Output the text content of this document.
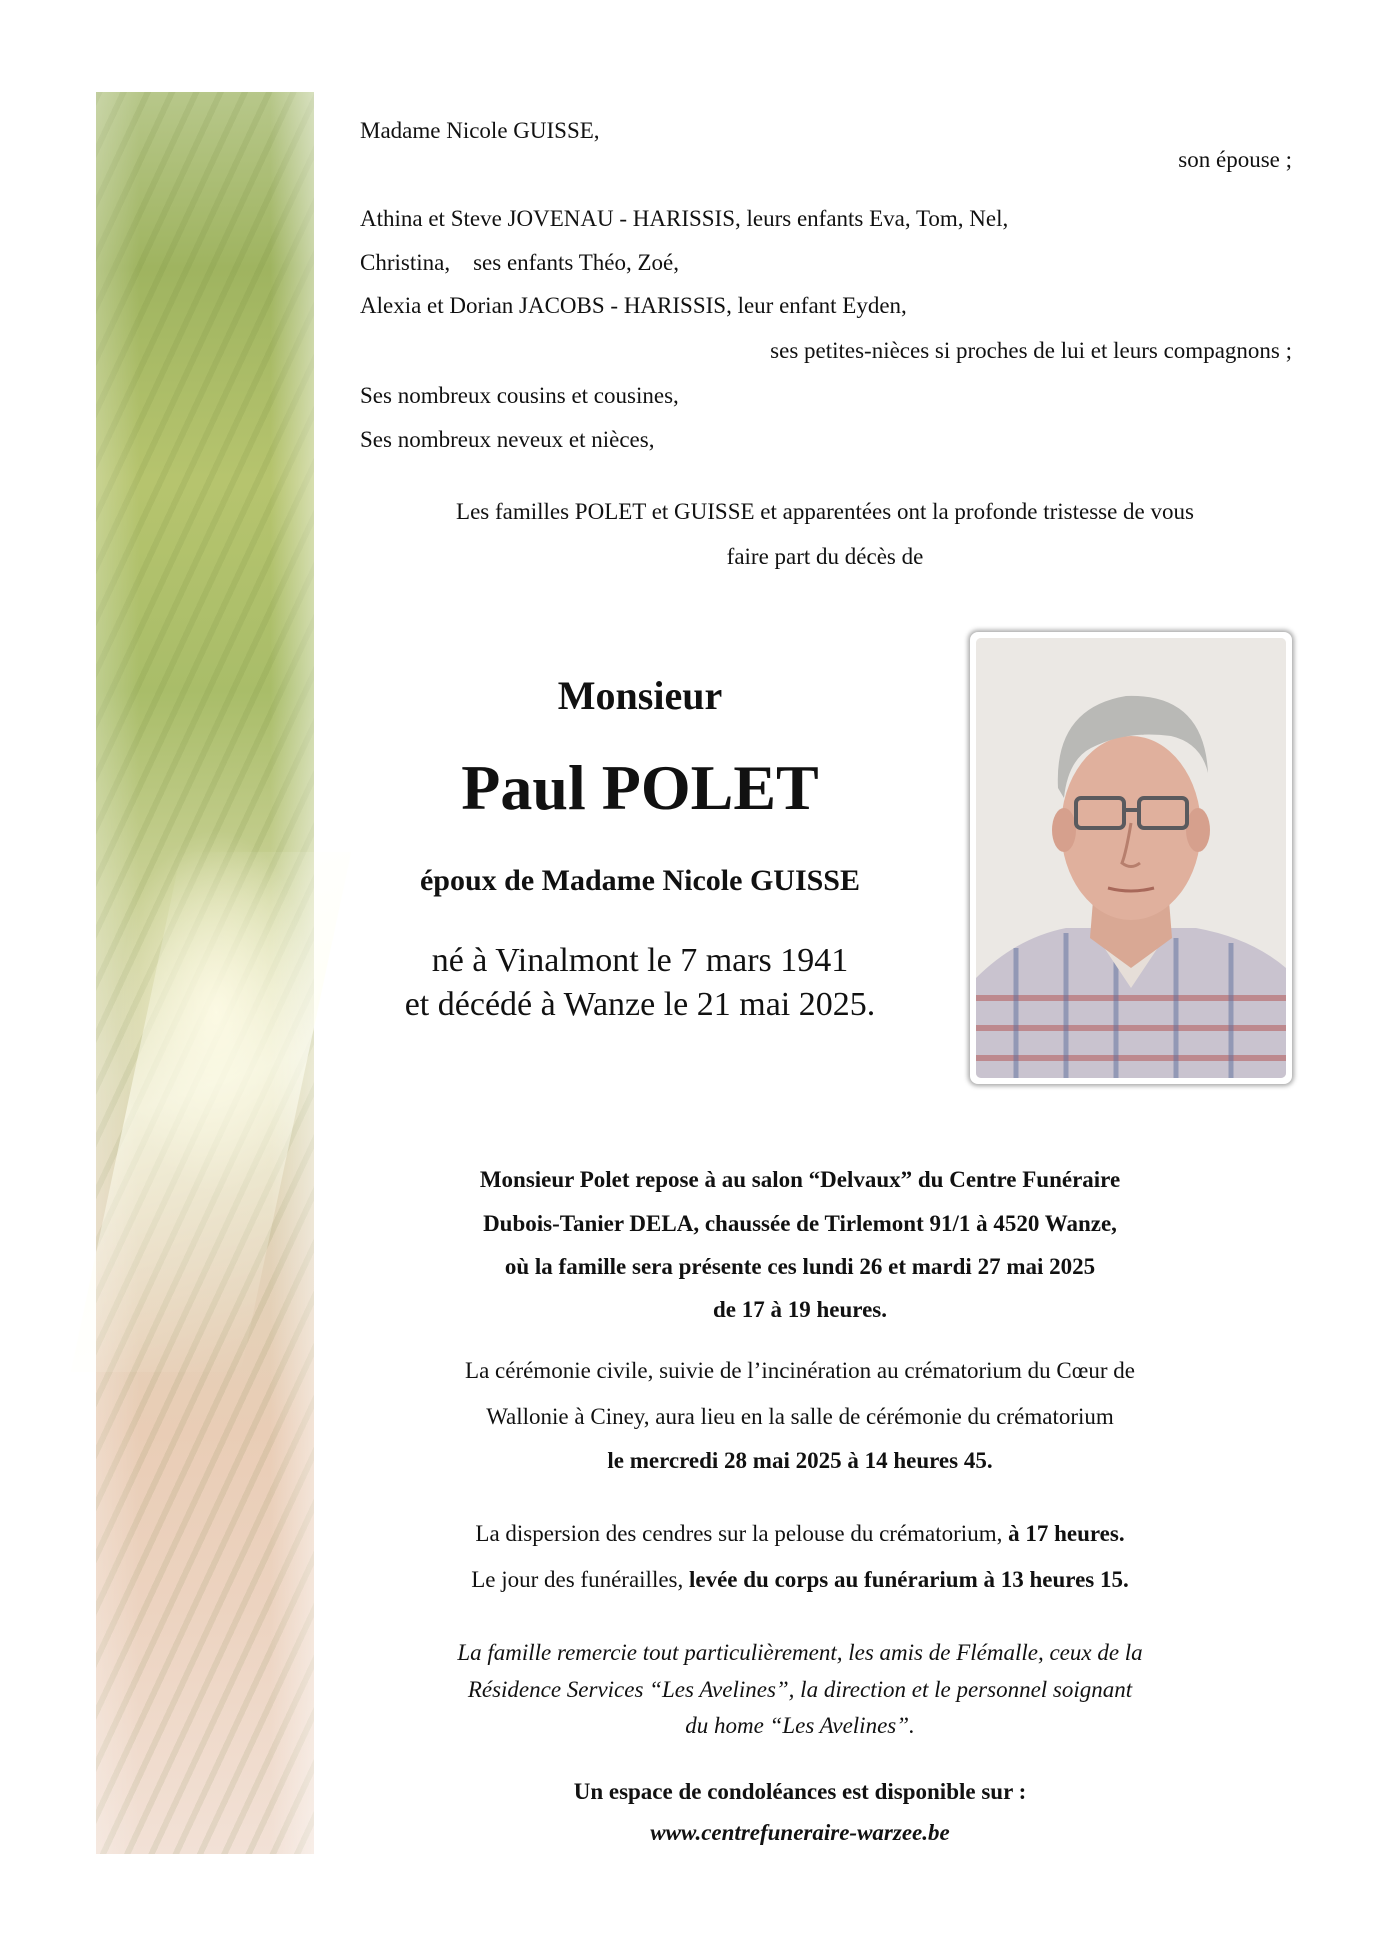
Madame Nicole GUISSE,
son épouse ;
Athina et Steve JOVENAU - HARISSIS, leurs enfants Eva, Tom, Nel,
Christina,    ses enfants Théo, Zoé,
Alexia et Dorian JACOBS - HARISSIS, leur enfant Eyden,
ses petites-nièces si proches de lui et leurs compagnons ;
Ses nombreux cousins et cousines,
Ses nombreux neveux et nièces,
Les familles POLET et GUISSE et apparentées ont la profonde tristesse de vous
faire part du décès de
Monsieur
Paul POLET
époux de Madame Nicole GUISSE
né à Vinalmont le 7 mars 1941
et décédé à Wanze le 21 mai 2025.
Monsieur Polet repose à au salon “Delvaux” du Centre Funéraire
Dubois-Tanier DELA, chaussée de Tirlemont 91/1 à 4520 Wanze,
où la famille sera présente ces lundi 26 et mardi 27 mai 2025
de 17 à 19 heures.
La cérémonie civile, suivie de l’incinération au crématorium du Cœur de
Wallonie à Ciney, aura lieu en la salle de cérémonie du crématorium
le mercredi 28 mai 2025 à 14 heures 45.
La dispersion des cendres sur la pelouse du crématorium, à 17 heures.
Le jour des funérailles, levée du corps au funérarium à 13 heures 15.
La famille remercie tout particulièrement, les amis de Flémalle, ceux de la
Résidence Services “Les Avelines”, la direction et le personnel soignant
du home “Les Avelines”.
Un espace de condoléances est disponible sur :
www.centrefuneraire-warzee.be
